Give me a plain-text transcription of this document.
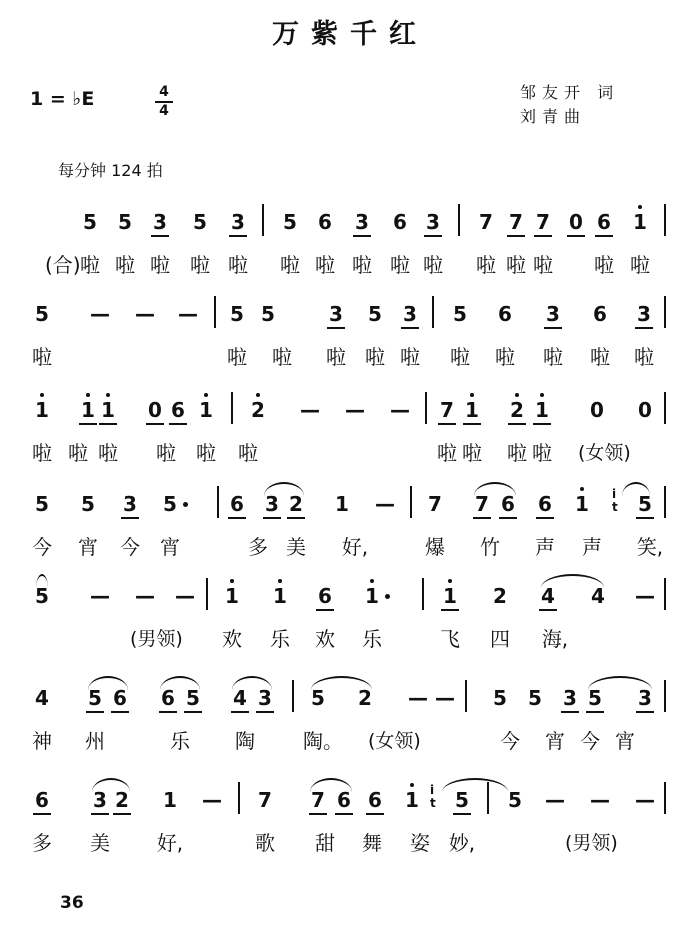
万紫千红
1 = ♭E	4
4
邹友开 词
刘青曲
每分钟 124 拍
5 5 3 5 3 5 6 3 6 3 7 7 7 0 6 1
(合) 啦 啦 啦 啦 啦 啦 啦 啦 啦 啦 啦 啦 啦 啦 啦
5 — — — 5 5	3 5 3 5 6 3 6 3
啦	啦 啦 啦 啦 啦 啦 啦 啦 啦 啦
1 1 1 0 6 1 2 — — — 7 1 2 1 0 0
啦 啦 啦 啦 啦 啦	啦 啦 啦 啦 (女领)
5 5 3 5	6 3 2 1 — 7 7 6 6 1 5
i
t
今 宵 今 宵	多 美 好,	爆 竹 声 声 笑,
5 — — — 1 1 6 1	1 2 4 4 —
欢 乐 欢 乐	飞 四 海,
(男领)
4 5 6 6 5 4 3 5 2 — — 5 5 3 5 3
神 州	乐 陶 陶。	今 宵 今 宵
(女领)
6 3 2 1 — 7 7 6 6 1 5 5 — — —
i
t
多 美 好,	歌 甜 舞 姿 妙,	(男领)
36
